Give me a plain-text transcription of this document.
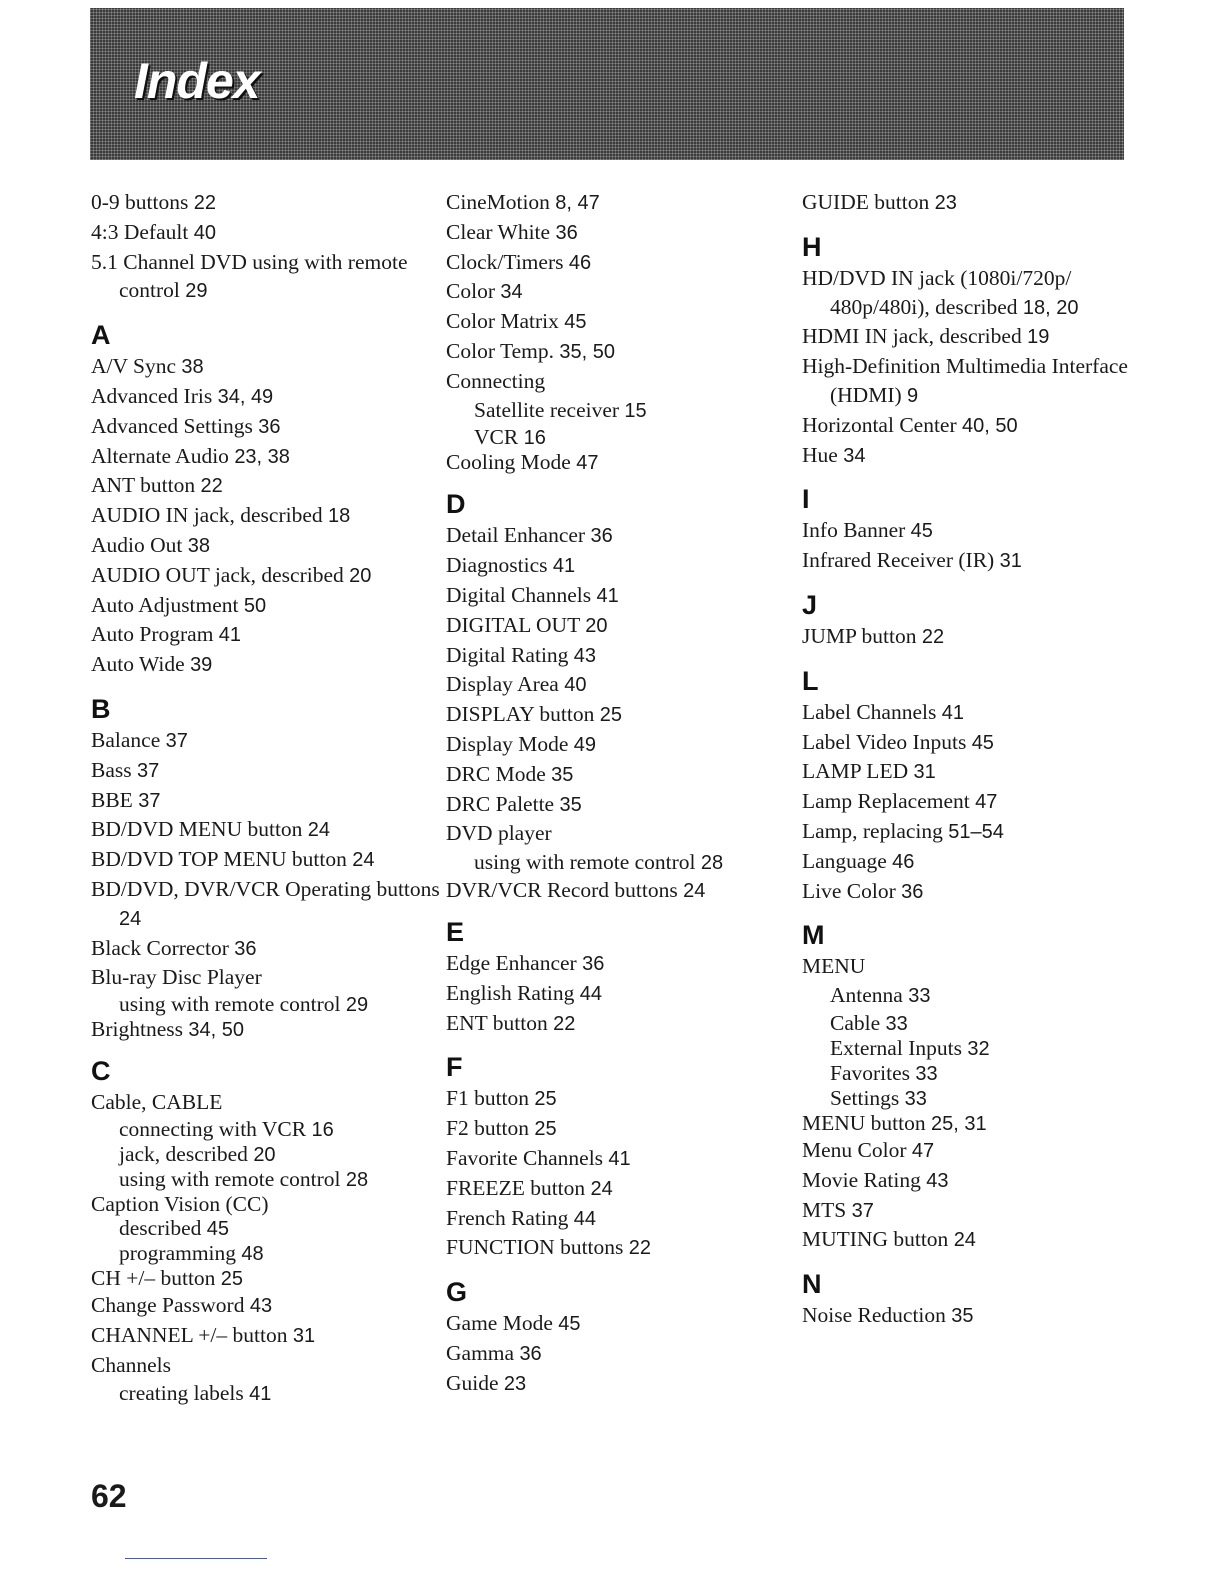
Index
0-9 buttons 22
4:3 Default 40
5.1 Channel DVD using with remote control 29
A
A/V Sync 38
Advanced Iris 34, 49
Advanced Settings 36
Alternate Audio 23, 38
ANT button 22
AUDIO IN jack, described 18
Audio Out 38
AUDIO OUT jack, described 20
Auto Adjustment 50
Auto Program 41
Auto Wide 39
B
Balance 37
Bass 37
BBE 37
BD/DVD MENU button 24
BD/DVD TOP MENU button 24
BD/DVD, DVR/VCR Operating buttons 24
Black Corrector 36
Blu-ray Disc Player
using with remote control 29
Brightness 34, 50
C
Cable, CABLE
connecting with VCR 16
jack, described 20
using with remote control 28
Caption Vision (CC)
described 45
programming 48
CH +/– button 25
Change Password 43
CHANNEL +/– button 31
Channels
creating labels 41
CineMotion 8, 47
Clear White 36
Clock/Timers 46
Color 34
Color Matrix 45
Color Temp. 35, 50
Connecting
Satellite receiver 15
VCR 16
Cooling Mode 47
D
Detail Enhancer 36
Diagnostics 41
Digital Channels 41
DIGITAL OUT 20
Digital Rating 43
Display Area 40
DISPLAY button 25
Display Mode 49
DRC Mode 35
DRC Palette 35
DVD player
using with remote control 28
DVR/VCR Record buttons 24
E
Edge Enhancer 36
English Rating 44
ENT button 22
F
F1 button 25
F2 button 25
Favorite Channels 41
FREEZE button 24
French Rating 44
FUNCTION buttons 22
G
Game Mode 45
Gamma 36
Guide 23
GUIDE button 23
H
HD/DVD IN jack (1080i/720p/ 480p/480i), described 18, 20
HDMI IN jack, described 19
High-Definition Multimedia Interface (HDMI) 9
Horizontal Center 40, 50
Hue 34
I
Info Banner 45
Infrared Receiver (IR) 31
J
JUMP button 22
L
Label Channels 41
Label Video Inputs 45
LAMP LED 31
Lamp Replacement 47
Lamp, replacing 51–54
Language 46
Live Color 36
M
MENU
Antenna 33
Cable 33
External Inputs 32
Favorites 33
Settings 33
MENU button 25, 31
Menu Color 47
Movie Rating 43
MTS 37
MUTING button 24
N
Noise Reduction 35
62
